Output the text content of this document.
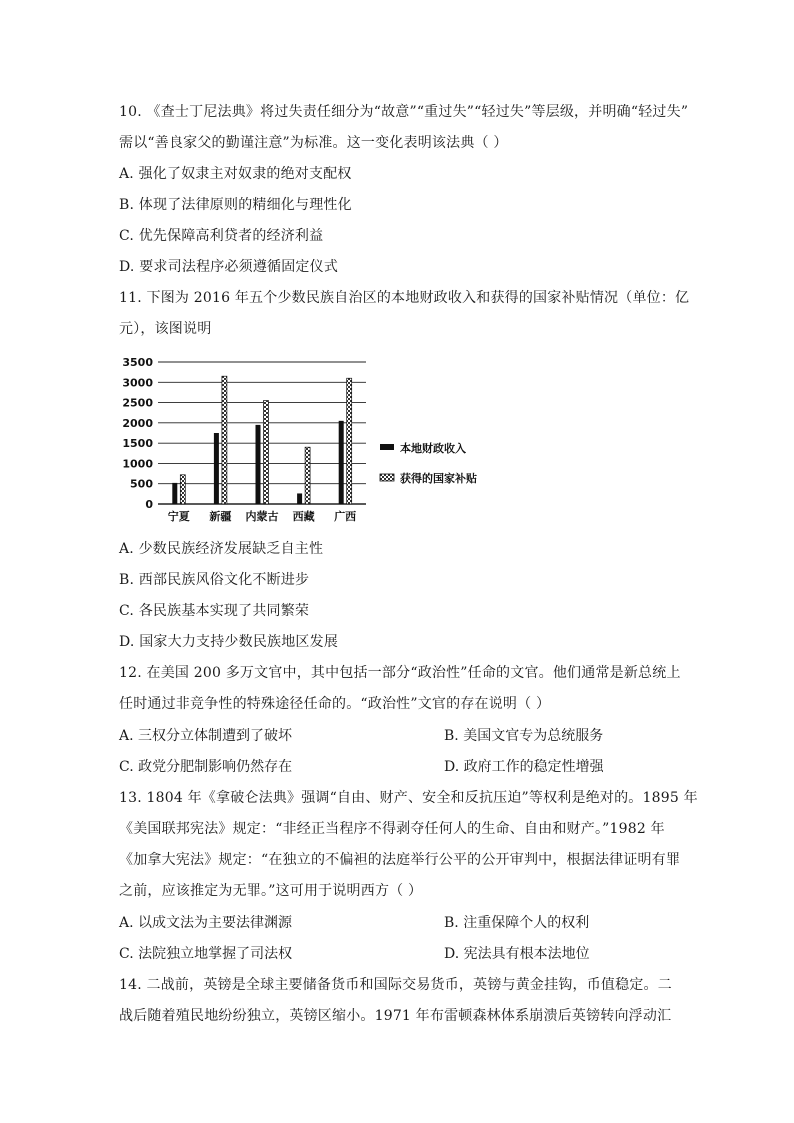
10. 《查士丁尼法典》将过失责任细分为“故意”“重过失”“轻过失”等层级，并明确“轻过失”
需以“善良家父的勤谨注意”为标准。这一变化表明该法典（ ）
A. 强化了奴隶主对奴隶的绝对支配权
B. 体现了法律原则的精细化与理性化
C. 优先保障高利贷者的经济利益
D. 要求司法程序必须遵循固定仪式
11. 下图为 2016 年五个少数民族自治区的本地财政收入和获得的国家补贴情况（单位：亿
元），该图说明
3500
3000
2500
2000
1500
1000
500
0
宁夏 新疆 内蒙古 西藏 广西
本地财政收入
获得的国家补贴
A. 少数民族经济发展缺乏自主性
B. 西部民族风俗文化不断进步
C. 各民族基本实现了共同繁荣
D. 国家大力支持少数民族地区发展
12. 在美国 200 多万文官中，其中包括一部分“政治性”任命的文官。他们通常是新总统上
任时通过非竞争性的特殊途径任命的。“政治性”文官的存在说明（ ）
A. 三权分立体制遭到了破坏	B. 美国文官专为总统服务
C. 政党分肥制影响仍然存在	D. 政府工作的稳定性增强
13. 1804 年《拿破仑法典》强调“自由、财产、安全和反抗压迫”等权利是绝对的。1895 年
《美国联邦宪法》规定：“非经正当程序不得剥夺任何人的生命、自由和财产。”1982 年
《加拿大宪法》规定：“在独立的不偏袒的法庭举行公平的公开审判中，根据法律证明有罪
之前，应该推定为无罪。”这可用于说明西方（ ）
A. 以成文法为主要法律渊源	B. 注重保障个人的权利
C. 法院独立地掌握了司法权	D. 宪法具有根本法地位
14. 二战前，英镑是全球主要储备货币和国际交易货币，英镑与黄金挂钩，币值稳定。二
战后随着殖民地纷纷独立，英镑区缩小。1971 年布雷顿森林体系崩溃后英镑转向浮动汇
